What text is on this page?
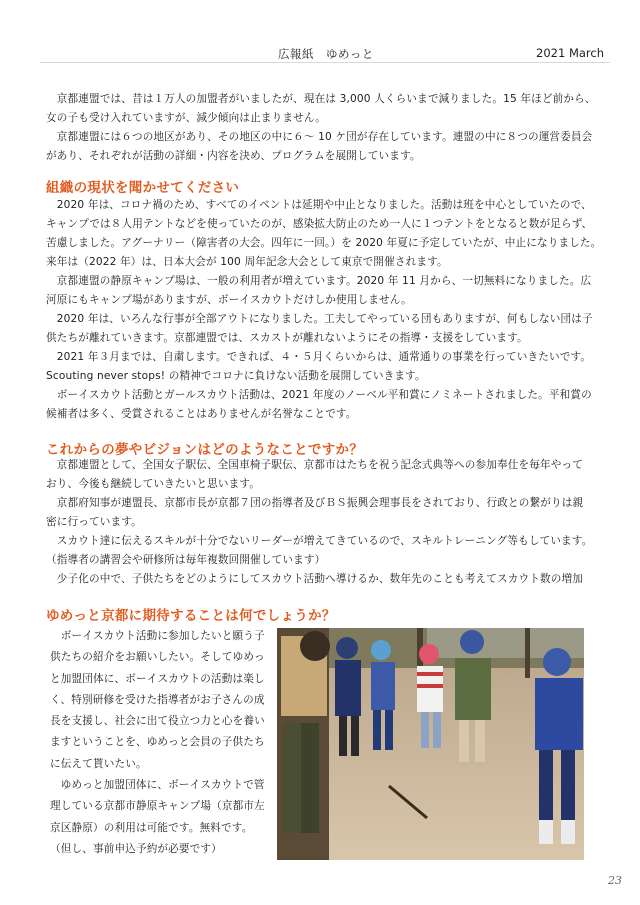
広報紙　ゆめっと	2021 March

　京都連盟では、昔は１万人の加盟者がいましたが、現在は 3,000 人くらいまで減りました。15 年ほど前から、

女の子も受け入れていますが、減少傾向は止まりません。

　京都連盟には６つの地区があり、その地区の中に６～ 10 ケ団が存在しています。連盟の中に８つの運営委員会

があり、それぞれが活動の詳細・内容を決め、プログラムを展開しています。

組織の現状を聞かせてください

　2020 年は、コロナ禍のため、すべてのイベントは延期や中止となりました。活動は班を中心としていたので、

キャンプでは８人用テントなどを使っていたのが、感染拡大防止のため一人に１つテントをとなると数が足らず、

苦慮しました。アグーナリー（障害者の大会。四年に一回。）を 2020 年夏に予定していたが、中止になりました。

来年は（2022 年）は、日本大会が 100 周年記念大会として東京で開催されます。

　京都連盟の静原キャンプ場は、一般の利用者が増えています。2020 年 11 月から、一切無料になりました。広

河原にもキャンプ場がありますが、ボーイスカウトだけしか使用しません。

　2020 年は、いろんな行事が全部アウトになりました。工夫してやっている団もありますが、何もしない団は子

供たちが離れていきます。京都連盟では、スカストが離れないようにその指導・支援をしています。

　2021 年３月までは、自粛します。できれば、４・５月くらいからは、通常通りの事業を行っていきたいです。

Scouting never stops! の精神でコロナに負けない活動を展開していきます。

　ボーイスカウト活動とガールスカウト活動は、2021 年度のノーベル平和賞にノミネートされました。平和賞の

候補者は多く、受賞されることはありませんが名誉なことです。

これからの夢やビジョンはどのようなことですか？

　京都連盟として、全国女子駅伝、全国車椅子駅伝、京都市はたちを祝う記念式典等への参加奉仕を毎年やって

おり、今後も継続していきたいと思います。

　京都府知事が連盟長、京都市長が京都７団の指導者及びＢＳ振興会理事長をされており、行政との繋がりは親

密に行っています。

　スカウト達に伝えるスキルが十分でないリーダーが増えてきているので、スキルトレーニング等もしています。

（指導者の講習会や研修所は毎年複数回開催しています）

　少子化の中で、子供たちをどのようにしてスカウト活動へ導けるか、数年先のことも考えてスカウト数の増加

ゆめっと京都に期待することは何でしょうか？

　ボーイスカウト活動に参加したいと願う子

供たちの紹介をお願いしたい。そしてゆめっ

と加盟団体に、ボーイスカウトの活動は楽し

く、特別研修を受けた指導者がお子さんの成

長を支援し、社会に出て役立つ力と心を養い

ますということを、ゆめっと会員の子供たち

に伝えて貰いたい。

　ゆめっと加盟団体に、ボーイスカウトで管

理している京都市静原キャンプ場（京都市左

京区静原）の利用は可能です。無料です。

（但し、事前申込予約が必要です）

23
